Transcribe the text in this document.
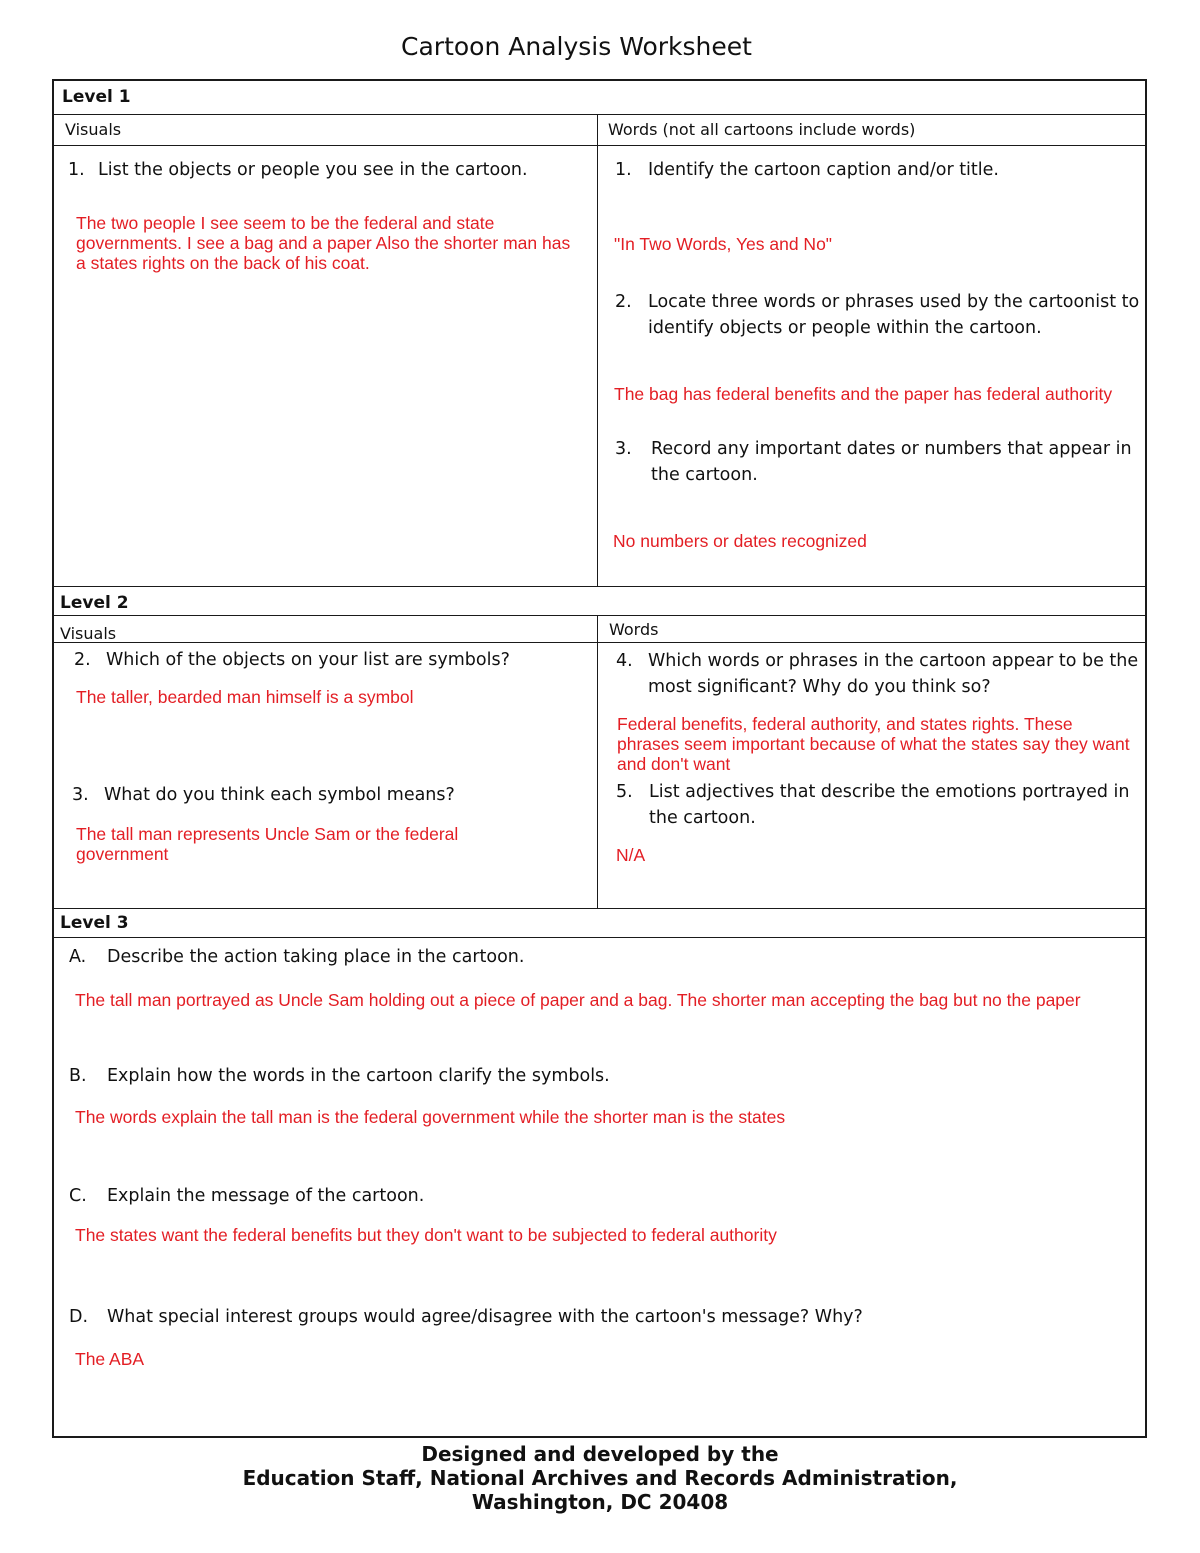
Cartoon Analysis Worksheet
Level 1
Visuals	Words (not all cartoons include words)
1. List the objects or people you see in the cartoon.
The two people I see seem to be the federal and state governments. I see a bag and a paper Also the shorter man has a states rights on the back of his coat.
1. Identify the cartoon caption and/or title.
"In Two Words, Yes and No"
2. Locate three words or phrases used by the cartoonist to identify objects or people within the cartoon.
The bag has federal benefits and the paper has federal authority
3.	Record any important dates or numbers that appear in the cartoon.
No numbers or dates recognized
Level 2
Visuals	Words
2. Which of the objects on your list are symbols?
The taller, bearded man himself is a symbol
3. What do you think each symbol means?
The tall man represents Uncle Sam or the federal government
4. Which words or phrases in the cartoon appear to be the most significant? Why do you think so?
Federal benefits, federal authority, and states rights. These phrases seem important because of what the states say they want and don't want
5. List adjectives that describe the emotions portrayed in the cartoon.
N/A
Level 3
A.	Describe the action taking place in the cartoon.
The tall man portrayed as Uncle Sam holding out a piece of paper and a bag. The shorter man accepting the bag but no the paper
B.	Explain how the words in the cartoon clarify the symbols.
The words explain the tall man is the federal government while the shorter man is the states
C.	Explain the message of the cartoon.
The states want the federal benefits but they don't want to be subjected to federal authority
D.	What special interest groups would agree/disagree with the cartoon's message? Why?
The ABA
Designed and developed by the
Education Staff, National Archives and Records Administration,
Washington, DC 20408
